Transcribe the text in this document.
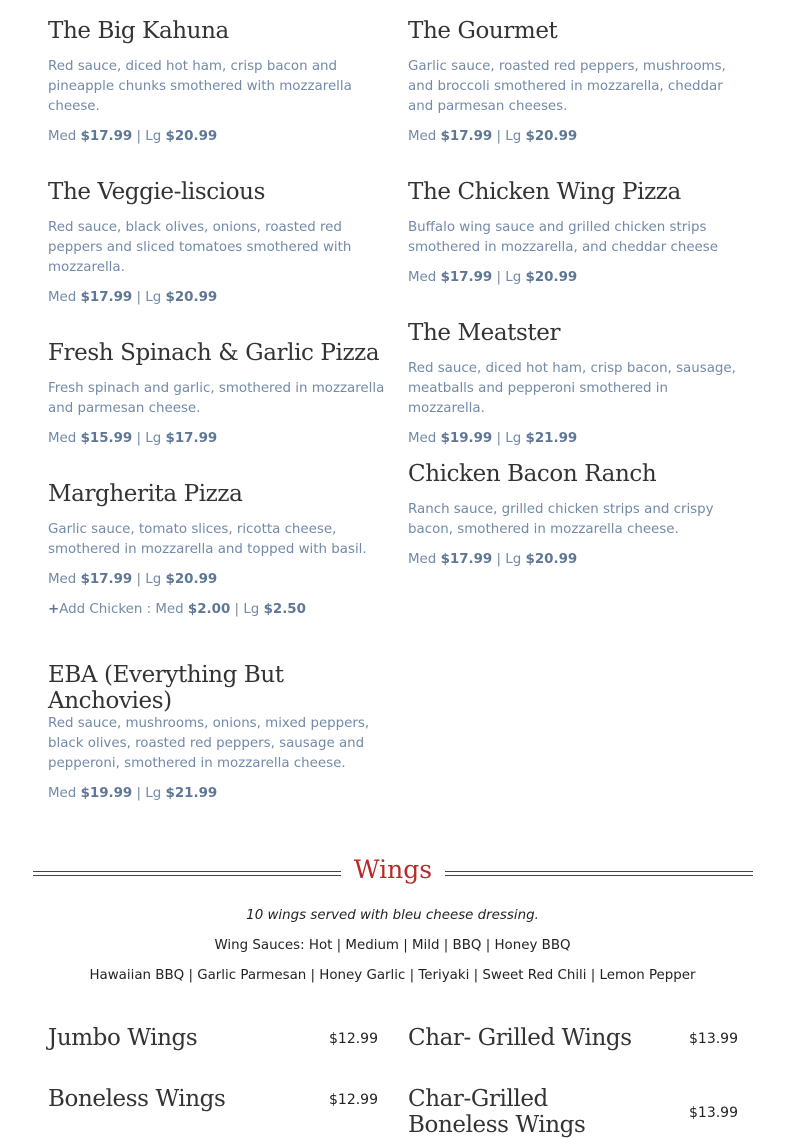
The Big Kahuna
Red sauce, diced hot ham, crisp bacon and pineapple chunks smothered with mozzarella cheese.
Med $17.99 | Lg $20.99
The Veggie-liscious
Red sauce, black olives, onions, roasted red peppers and sliced tomatoes smothered with mozzarella.
Med $17.99 | Lg $20.99
Fresh Spinach & Garlic Pizza
Fresh spinach and garlic, smothered in mozzarella and parmesan cheese.
Med $15.99 | Lg $17.99
Margherita Pizza
Garlic sauce, tomato slices, ricotta cheese, smothered in mozzarella and topped with basil.
Med $17.99 | Lg $20.99
+Add Chicken : Med $2.00 | Lg $2.50
EBA (Everything But Anchovies)
Red sauce, mushrooms, onions, mixed peppers, black olives, roasted red peppers, sausage and pepperoni, smothered in mozzarella cheese.
Med $19.99 | Lg $21.99
The Gourmet
Garlic sauce, roasted red peppers, mushrooms, and broccoli smothered in mozzarella, cheddar and parmesan cheeses.
Med $17.99 | Lg $20.99
The Chicken Wing Pizza
Buffalo wing sauce and grilled chicken strips smothered in mozzarella, and cheddar cheese
Med $17.99 | Lg $20.99
The Meatster
Red sauce, diced hot ham, crisp bacon, sausage, meatballs and pepperoni smothered in mozzarella.
Med $19.99 | Lg $21.99
Chicken Bacon Ranch
Ranch sauce, grilled chicken strips and crispy bacon, smothered in mozzarella cheese.
Med $17.99 | Lg $20.99
Wings
10 wings served with bleu cheese dressing.
Wing Sauces: Hot | Medium | Mild | BBQ | Honey BBQ
Hawaiian BBQ | Garlic Parmesan | Honey Garlic | Teriyaki | Sweet Red Chili | Lemon Pepper
Jumbo Wings	$12.99 Char- Grilled Wings	$13.99
Boneless Wings	$12.99 Char-Grilled Boneless Wings	$13.99
